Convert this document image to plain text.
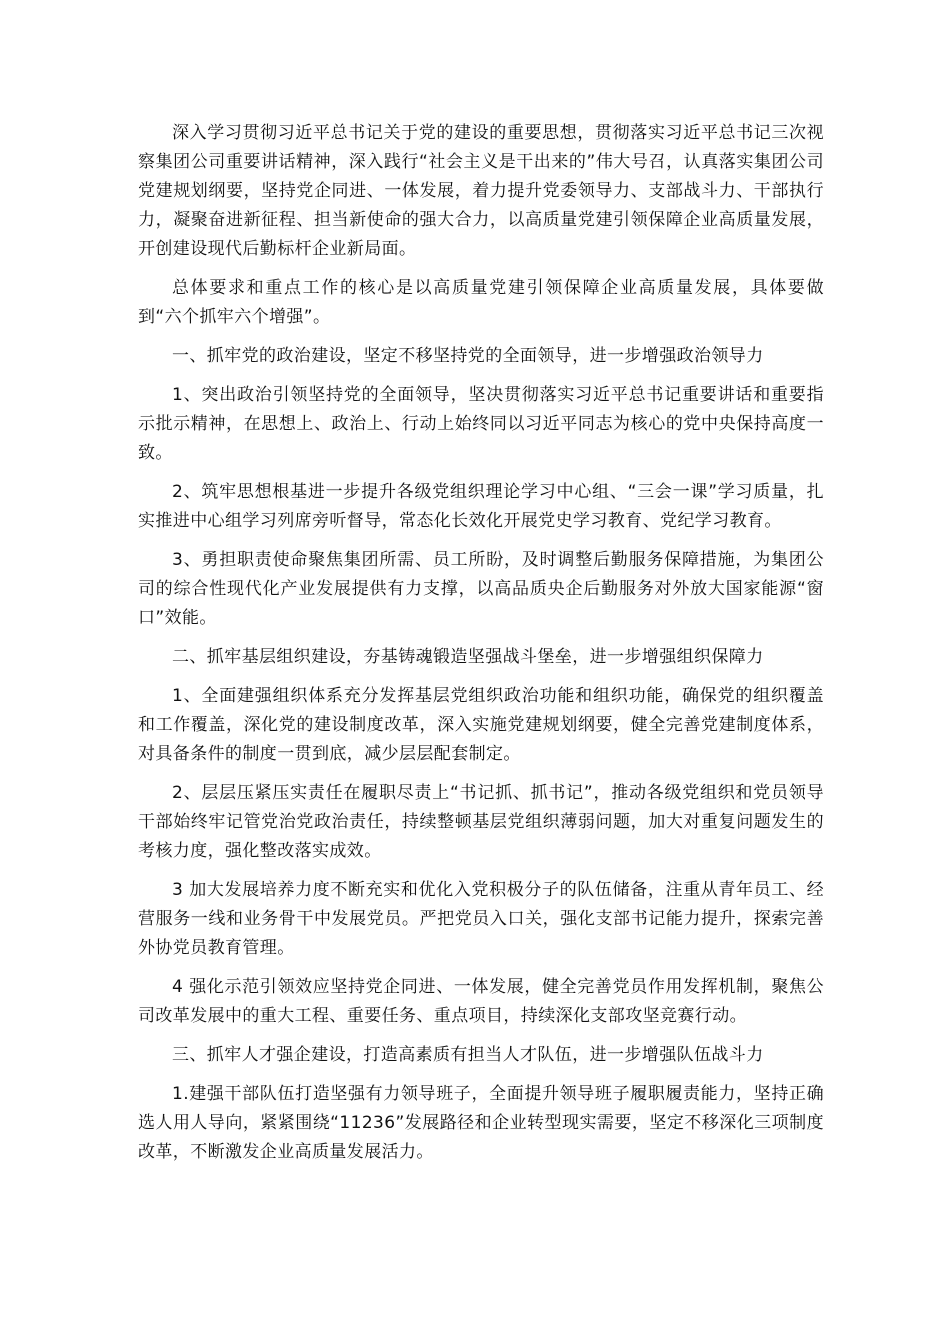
深入学习贯彻习近平总书记关于党的建设的重要思想，贯彻落实习近平总书记三次视察集团公司重要讲话精神，深入践行“社会主义是干出来的”伟大号召，认真落实集团公司党建规划纲要，坚持党企同进、一体发展，着力提升党委领导力、支部战斗力、干部执行力，凝聚奋进新征程、担当新使命的强大合力，以高质量党建引领保障企业高质量发展，开创建设现代后勤标杆企业新局面。

总体要求和重点工作的核心是以高质量党建引领保障企业高质量发展，具体要做到“六个抓牢六个增强”。

一、抓牢党的政治建设，坚定不移坚持党的全面领导，进一步增强政治领导力

1、突出政治引领坚持党的全面领导，坚决贯彻落实习近平总书记重要讲话和重要指示批示精神，在思想上、政治上、行动上始终同以习近平同志为核心的党中央保持高度一致。

2、筑牢思想根基进一步提升各级党组织理论学习中心组、“三会一课”学习质量，扎实推进中心组学习列席旁听督导，常态化长效化开展党史学习教育、党纪学习教育。

3、勇担职责使命聚焦集团所需、员工所盼，及时调整后勤服务保障措施，为集团公司的综合性现代化产业发展提供有力支撑，以高品质央企后勤服务对外放大国家能源“窗口”效能。

二、抓牢基层组织建设，夯基铸魂锻造坚强战斗堡垒，进一步增强组织保障力

1、全面建强组织体系充分发挥基层党组织政治功能和组织功能，确保党的组织覆盖和工作覆盖，深化党的建设制度改革，深入实施党建规划纲要，健全完善党建制度体系，对具备条件的制度一贯到底，减少层层配套制定。

2、层层压紧压实责任在履职尽责上“书记抓、抓书记”，推动各级党组织和党员领导干部始终牢记管党治党政治责任，持续整顿基层党组织薄弱问题，加大对重复问题发生的考核力度，强化整改落实成效。

3 加大发展培养力度不断充实和优化入党积极分子的队伍储备，注重从青年员工、经营服务一线和业务骨干中发展党员。严把党员入口关，强化支部书记能力提升，探索完善外协党员教育管理。

4 强化示范引领效应坚持党企同进、一体发展，健全完善党员作用发挥机制，聚焦公司改革发展中的重大工程、重要任务、重点项目，持续深化支部攻坚竞赛行动。

三、抓牢人才强企建设，打造高素质有担当人才队伍，进一步增强队伍战斗力

1.建强干部队伍打造坚强有力领导班子，全面提升领导班子履职履责能力，坚持正确选人用人导向，紧紧围绕“11236”发展路径和企业转型现实需要，坚定不移深化三项制度改革，不断激发企业高质量发展活力。
